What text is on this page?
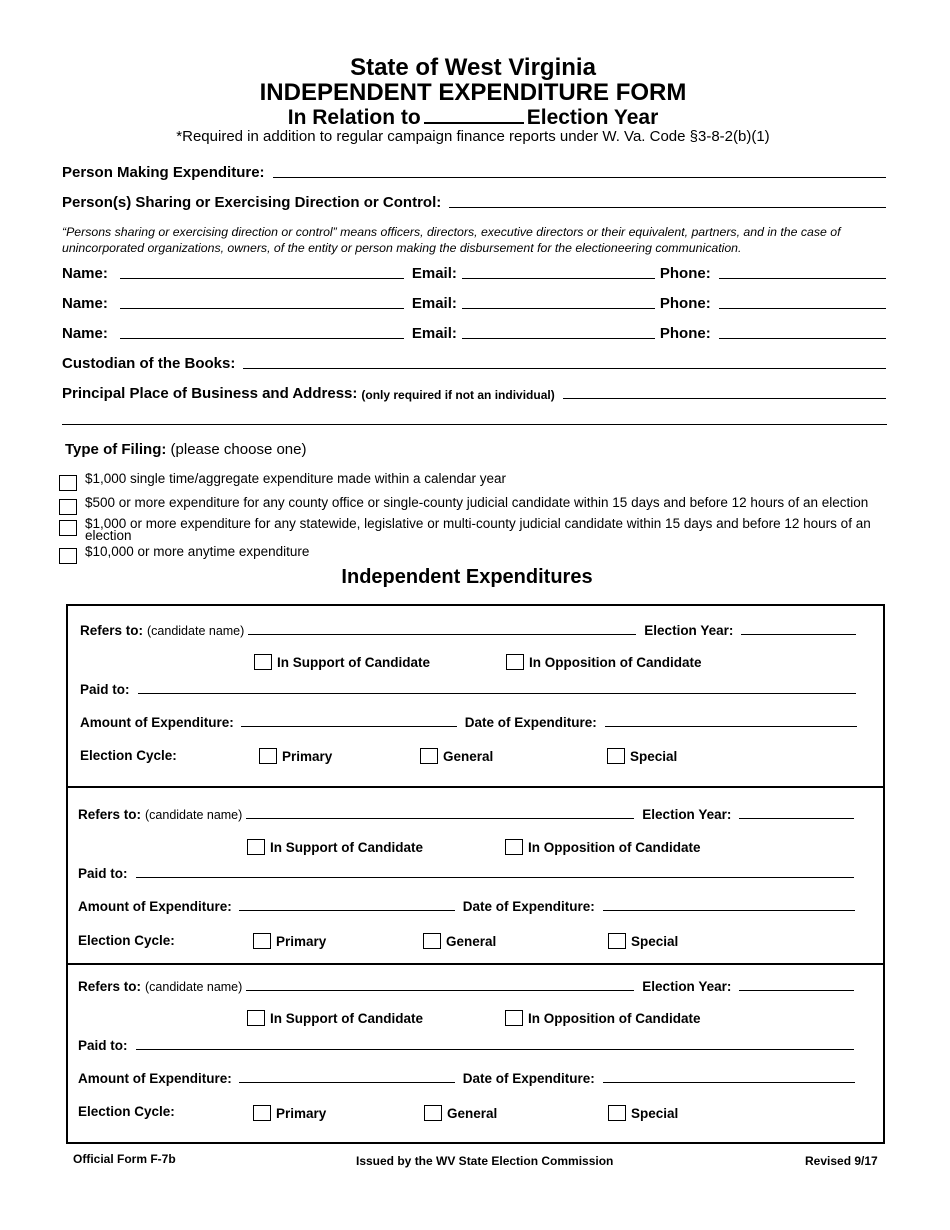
State of West Virginia
INDEPENDENT EXPENDITURE FORM
In Relation to	Election Year
*Required in addition to regular campaign finance reports under W. Va. Code §3-8-2(b)(1)
Person Making Expenditure:
Person(s) Sharing or Exercising Direction or Control:
“Persons sharing or exercising direction or control” means officers, directors, executive directors or their equivalent, partners, and in the case of unincorporated organizations, owners, of the entity or person making the disbursement for the electioneering communication.
Name:	Email:	Phone:
Name:	Email:	Phone:
Name:	Email:	Phone:
Custodian of the Books:
Principal Place of Business and Address: (only required if not an individual)
Type of Filing: (please choose one)
$1,000 single time/aggregate expenditure made within a calendar year
$500 or more expenditure for any county office or single-county judicial candidate within 15 days and before 12 hours of an election
$1,000 or more expenditure for any statewide, legislative or multi-county judicial candidate within 15 days and before 12 hours of an election
$10,000 or more anytime expenditure
Independent Expenditures
Refers to: (candidate name)	Election Year:
In Support of Candidate	In Opposition of Candidate
Paid to:
Amount of Expenditure:	Date of Expenditure:
Election Cycle:	Primary	General	Special
Refers to: (candidate name)	Election Year:
In Support of Candidate	In Opposition of Candidate
Paid to:
Amount of Expenditure:	Date of Expenditure:
Election Cycle:	Primary	General	Special
Refers to: (candidate name)	Election Year:
In Support of Candidate	In Opposition of Candidate
Paid to:
Amount of Expenditure:	Date of Expenditure:
Election Cycle:	Primary	General	Special
Official Form F-7b	Issued by the WV State Election Commission	Revised 9/17
